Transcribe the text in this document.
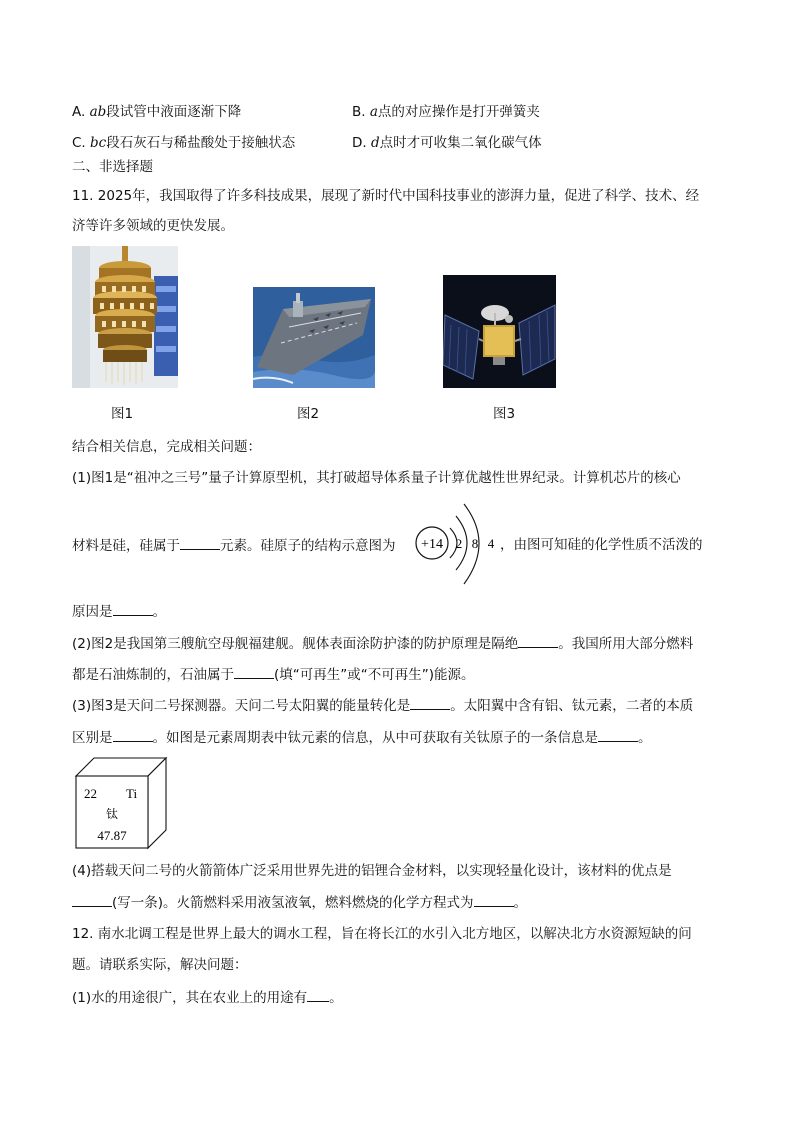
A. ab段试管中液面逐渐下降	B. a点的对应操作是打开弹簧夹
C. bc段石灰石与稀盐酸处于接触状态	D. d点时才可收集二氧化碳气体
二、非选择题
11. 2025年，我国取得了许多科技成果，展现了新时代中国科技事业的澎湃力量，促进了科学、技术、经
济等许多领域的更快发展。
图1	图2	图3
结合相关信息，完成相关问题：
(1)图1是“祖冲之三号”量子计算原型机，其打破超导体系量子计算优越性世界纪录。计算机芯片的核心
材料是硅，硅属于	元素。硅原子的结构示意图为 +14 2 8 4 ，由图可知硅的化学性质不活泼的
原因是	。
(2)图2是我国第三艘航空母舰福建舰。舰体表面涂防护漆的防护原理是隔绝	。我国所用大部分燃料
都是石油炼制的，石油属于	(填“可再生”或“不可再生”)能源。
(3)图3是天问二号探测器。天问二号太阳翼的能量转化是	。太阳翼中含有铝、钛元素，二者的本质
区别是	。如图是元素周期表中钛元素的信息，从中可获取有关钛原子的一条信息是	。
22 Ti
钛
47.87
(4)搭载天问二号的火箭箭体广泛采用世界先进的铝锂合金材料，以实现轻量化设计，该材料的优点是
(写一条)。火箭燃料采用液氢液氧，燃料燃烧的化学方程式为	。
12. 南水北调工程是世界上最大的调水工程，旨在将长江的水引入北方地区，以解决北方水资源短缺的问
题。请联系实际，解决问题：
(1)水的用途很广，其在农业上的用途有 。
